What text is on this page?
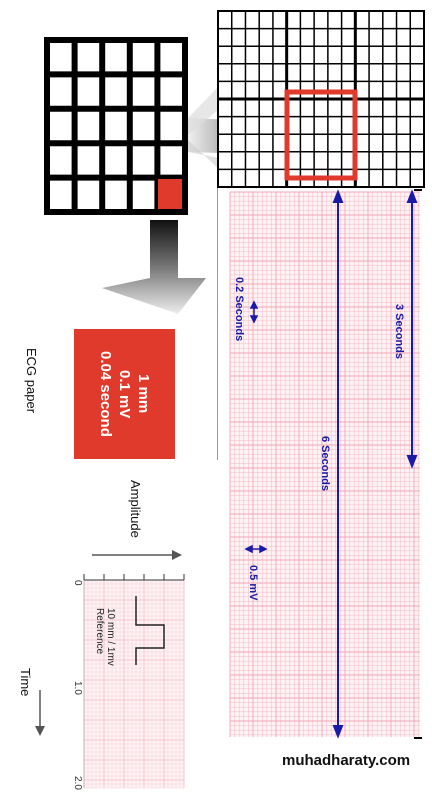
0.04 second 0.1 mV 1 mm
ECG paper
3 Seconds
6 Seconds
0.2 Seconds
0.5 mV
Amplitude
0
1.0
2.0
10 mm / 1mv
Reference
Time
muhadharaty.com
